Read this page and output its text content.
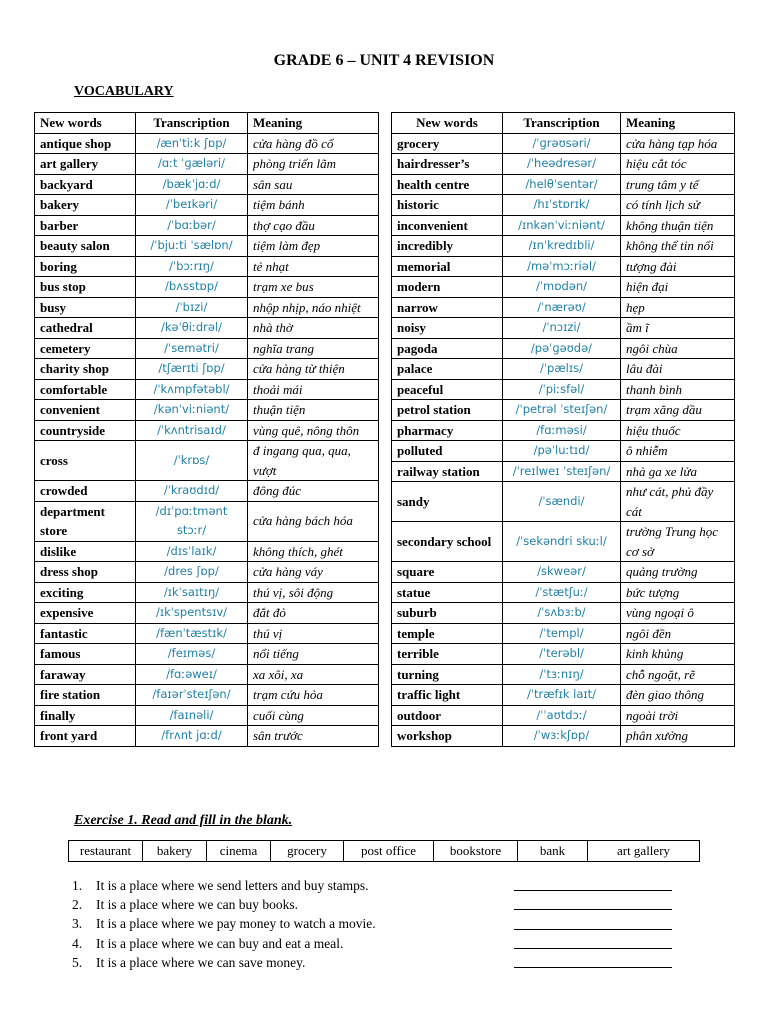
GRADE 6 – UNIT 4 REVISION
VOCABULARY
New words	Transcription	Meaning
antique shop	/ænˈtiːk ʃɒp/	cửa hàng đồ cổ
art gallery	/ɑːt ˈɡæləri/	phòng triển lãm
backyard	/bækˈjɑːd/	sân sau
bakery	/ˈbeɪkəri/	tiệm bánh
barber	/ˈbɑːbər/	thợ cạo đầu
beauty salon	/ˈbjuːti ˈsælɒn/	tiệm làm đẹp
boring	/ˈbɔːrɪŋ/	tẻ nhạt
bus stop	/bʌsstɒp/	trạm xe bus
busy	/ˈbɪzi/	nhộp nhịp, náo nhiệt
cathedral	/kəˈθiːdrəl/	nhà thờ
cemetery	/ˈsemətri/	nghĩa trang
charity shop	/tʃærɪti ʃɒp/	cửa hàng từ thiện
comfortable	/ˈkʌmpfətəbl/	thoải mái
convenient	/kənˈviːniənt/	thuận tiện
countryside	/ˈkʌntrisaɪd/	vùng quê, nông thôn
cross	/ˈkrɒs/	đ ingang qua, qua, vượt
crowded	/ˈkraʊdɪd/	đông đúc
department store	/dɪˈpɑːtmənt stɔːr/	cửa hàng bách hóa
dislike	/dɪsˈlaɪk/	không thích, ghét
dress shop	/dres ʃɒp/	cửa hàng váy
exciting	/ɪkˈsaɪtɪŋ/	thú vị, sôi động
expensive	/ɪkˈspentsɪv/	đắt đỏ
fantastic	/fænˈtæstɪk/	thú vị
famous	/feɪməs/	nổi tiếng
faraway	/fɑːəweɪ/	xa xôi, xa
fire station	/faɪərˈsteɪʃən/	trạm cứu hỏa
finally	/faɪnəli/	cuối cùng
front yard	/frʌnt jɑːd/	sân trước
New words	Transcription	Meaning
grocery	/ˈɡrəʊsəri/	cửa hàng tạp hóa
hairdresser’s	/ˈheədresər/	hiệu cắt tóc
health centre	/helθˈsentər/	trung tâm y tế
historic	/hɪˈstɒrɪk/	có tính lịch sử
inconvenient	/ɪnkənˈviːniənt/	không thuận tiện
incredibly	/ɪnˈkredɪbli/	không thể tin nổi
memorial	/məˈmɔːriəl/	tượng đài
modern	/ˈmɒdən/	hiện đại
narrow	/ˈnærəʊ/	hẹp
noisy	/ˈnɔɪzi/	ầm ĩ
pagoda	/pəˈɡəʊdə/	ngôi chùa
palace	/ˈpælɪs/	lâu đài
peaceful	/ˈpiːsfəl/	thanh bình
petrol station	/ˈpetrəl ˈsteɪʃən/	trạm xăng dầu
pharmacy	/fɑːməsi/	hiệu thuốc
polluted	/pəˈluːtɪd/	ô nhiễm
railway station	/ˈreɪlweɪ ˈsteɪʃən/	nhà ga xe lửa
sandy	/ˈsændi/	như cát, phủ đầy cát
secondary school	/ˈsekəndri skuːl/	trường Trung học cơ sở
square	/skweər/	quảng trường
statue	/ˈstætʃuː/	bức tượng
suburb	/ˈsʌbɜːb/	vùng ngoại ô
temple	/ˈtempl/	ngôi đền
terrible	/ˈterəbl/	kinh khủng
turning	/ˈtɜːnɪŋ/	chỗ ngoặt, rẽ
traffic light	/ˈtræfɪk laɪt/	đèn giao thông
outdoor	/ˈˈaʊtdɔː/	ngoài trời
workshop	/ˈwɜːkʃɒp/	phân xưởng
Exercise 1. Read and fill in the blank.
restaurant	bakery	cinema	grocery	post office	bookstore	bank	art gallery
1.	It is a place where we send letters and buy stamps.
2.	It is a place where we can buy books.
3.	It is a place where we pay money to watch a movie.
4.	It is a place where we can buy and eat a meal.
5.	It is a place where we can save money.
